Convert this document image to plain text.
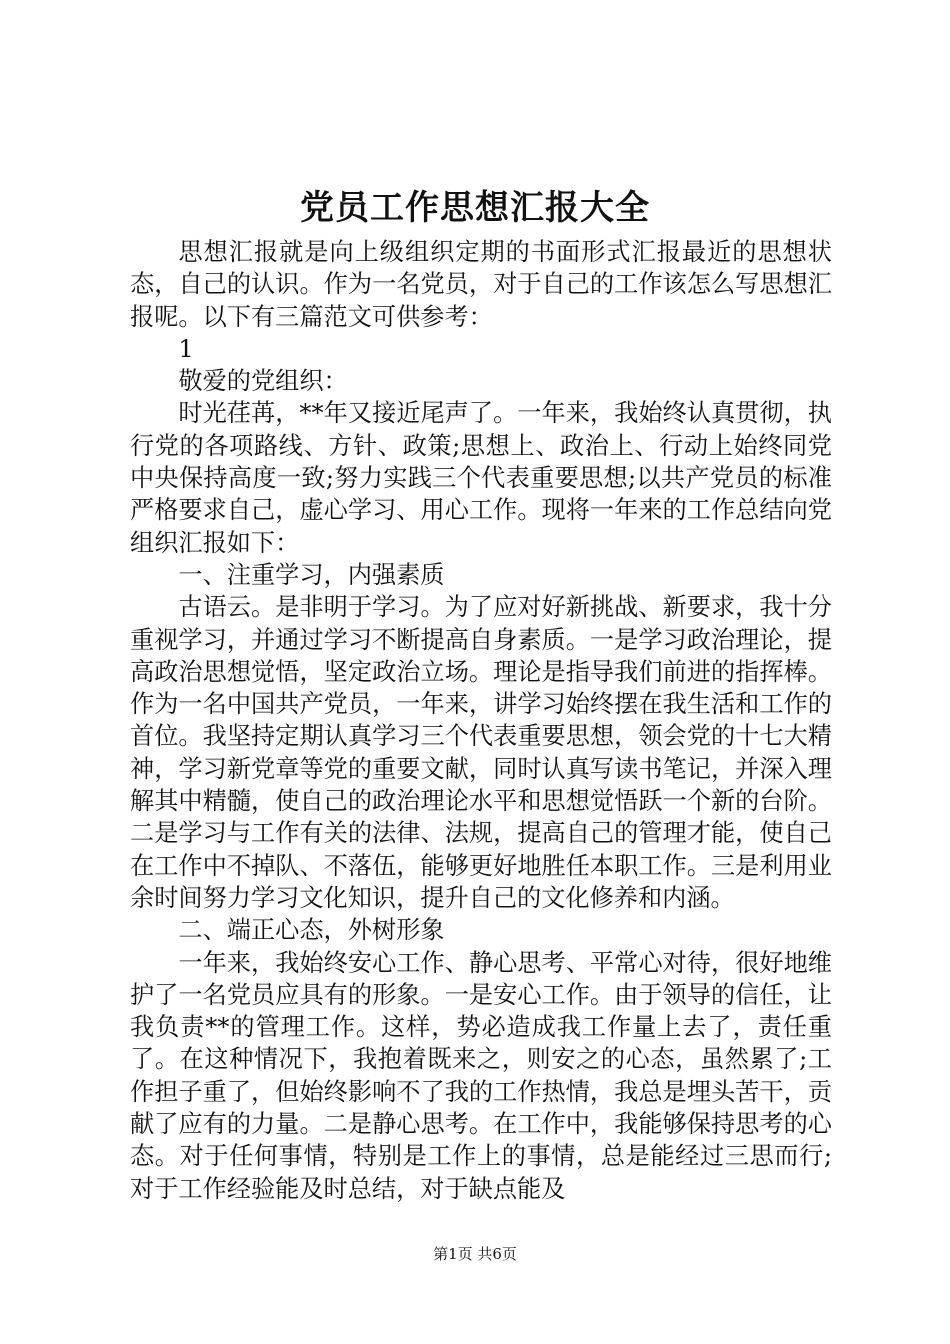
党员工作思想汇报大全

思想汇报就是向上级组织定期的书面形式汇报最近的思想状态，自己的认识。作为一名党员，对于自己的工作该怎么写思想汇报呢。以下有三篇范文可供参考：

1

敬爱的党组织：

时光荏苒，**年又接近尾声了。一年来，我始终认真贯彻，执行党的各项路线、方针、政策;思想上、政治上、行动上始终同党中央保持高度一致;努力实践三个代表重要思想;以共产党员的标准严格要求自己，虚心学习、用心工作。现将一年来的工作总结向党组织汇报如下：

一、注重学习，内强素质

古语云。是非明于学习。为了应对好新挑战、新要求，我十分重视学习，并通过学习不断提高自身素质。一是学习政治理论，提高政治思想觉悟，坚定政治立场。理论是指导我们前进的指挥棒。作为一名中国共产党员，一年来，讲学习始终摆在我生活和工作的首位。我坚持定期认真学习三个代表重要思想，领会党的十七大精神，学习新党章等党的重要文献，同时认真写读书笔记，并深入理解其中精髓，使自己的政治理论水平和思想觉悟跃一个新的台阶。二是学习与工作有关的法律、法规，提高自己的管理才能，使自己在工作中不掉队、不落伍，能够更好地胜任本职工作。三是利用业余时间努力学习文化知识，提升自己的文化修养和内涵。

二、端正心态，外树形象

一年来，我始终安心工作、静心思考、平常心对待，很好地维护了一名党员应具有的形象。一是安心工作。由于领导的信任，让我负责**的管理工作。这样，势必造成我工作量上去了，责任重了。在这种情况下，我抱着既来之，则安之的心态，虽然累了;工作担子重了，但始终影响不了我的工作热情，我总是埋头苦干，贡献了应有的力量。二是静心思考。在工作中，我能够保持思考的心态。对于任何事情，特别是工作上的事情，总是能经过三思而行;对于工作经验能及时总结，对于缺点能及

第1页 共6页
